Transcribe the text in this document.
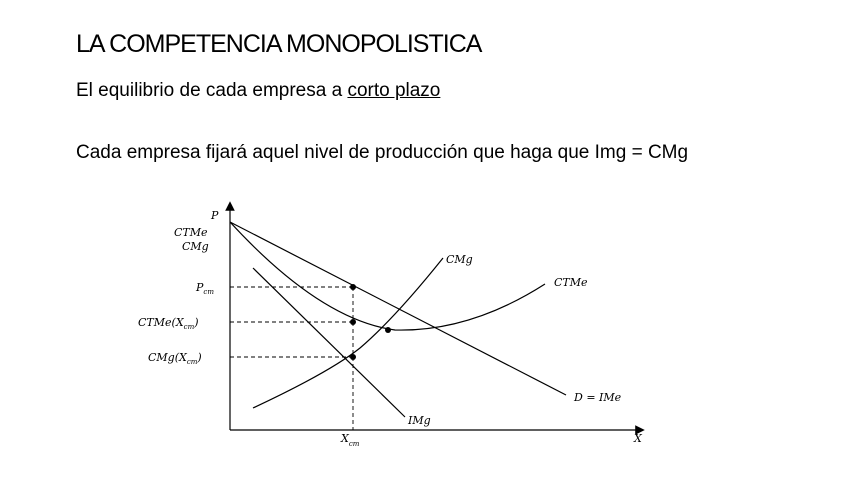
LA COMPETENCIA MONOPOLISTICA
El equilibrio de cada empresa a corto plazo
Cada empresa fijará aquel nivel de producción que haga que Img = CMg
P
X
CTMe
CMg
$P_{cm}$
$CTMe(X_{cm})$
$CMg(X_{cm})$
$X_{cm}$
CMg
CTMe
D = IMe
IMg
